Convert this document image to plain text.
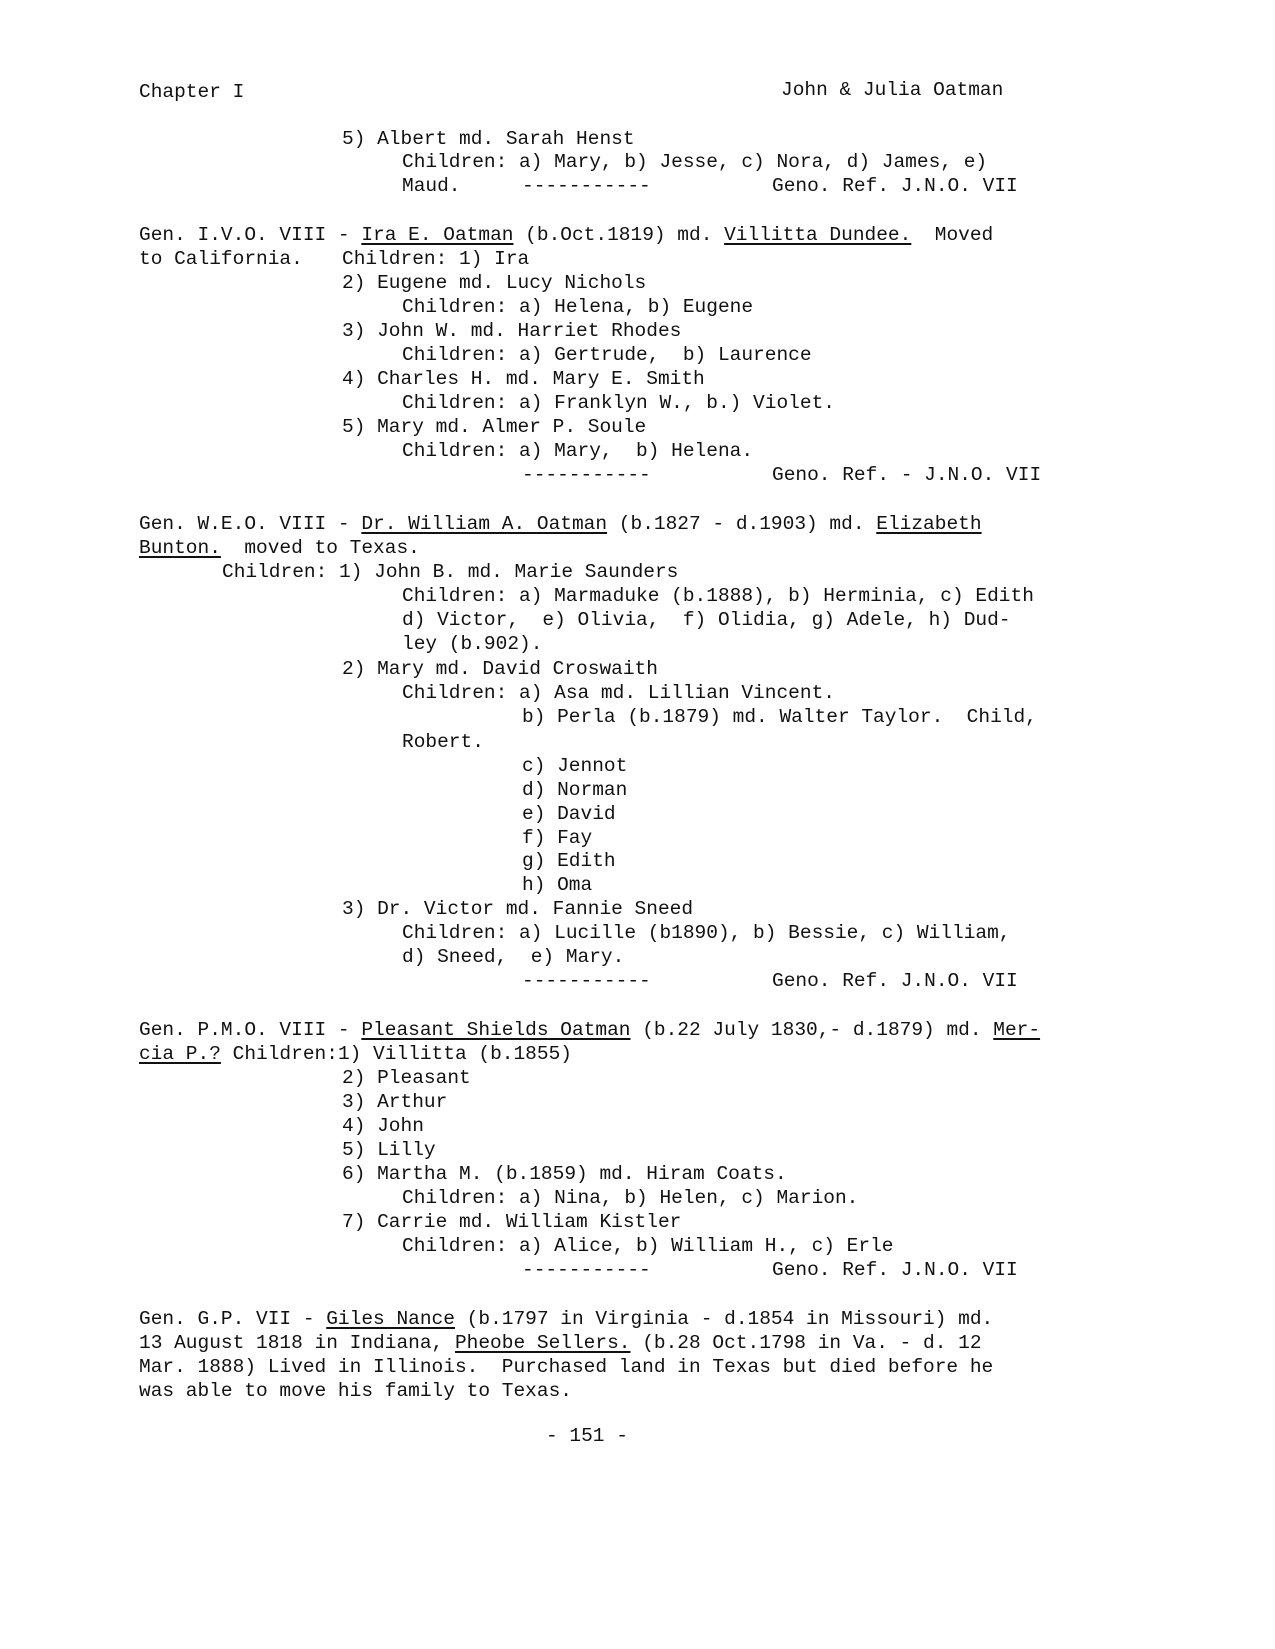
Chapter I	John & Julia Oatman
5) Albert md. Sarah Henst
Children: a) Mary, b) Jesse, c) Nora, d) James, e)
Maud.	-----------	Geno. Ref. J.N.O. VII
Gen. I.V.O. VIII - Ira E. Oatman (b.Oct.1819) md. Villitta Dundee. Moved
to California. Children: 1) Ira
2) Eugene md. Lucy Nichols
Children: a) Helena, b) Eugene
3) John W. md. Harriet Rhodes
Children: a) Gertrude,  b) Laurence
4) Charles H. md. Mary E. Smith
Children: a) Franklyn W., b.) Violet.
5) Mary md. Almer P. Soule
Children: a) Mary,  b) Helena.
-----------	Geno. Ref. - J.N.O. VII
Gen. W.E.O. VIII - Dr. William A. Oatman (b.1827 - d.1903) md. Elizabeth
Bunton. moved to Texas.
Children: 1) John B. md. Marie Saunders
Children: a) Marmaduke (b.1888), b) Herminia, c) Edith
d) Victor,  e) Olivia,  f) Olidia, g) Adele, h) Dud-
ley (b.902).
2) Mary md. David Croswaith
Children: a) Asa md. Lillian Vincent.
b) Perla (b.1879) md. Walter Taylor.  Child,
Robert.
c) Jennot
d) Norman
e) David
f) Fay
g) Edith
h) Oma
3) Dr. Victor md. Fannie Sneed
Children: a) Lucille (b1890), b) Bessie, c) William,
d) Sneed,  e) Mary.
-----------	Geno. Ref. J.N.O. VII
Gen. P.M.O. VIII - Pleasant Shields Oatman (b.22 July 1830,- d.1879) md. Mer-
cia P.? Children:1) Villitta (b.1855)
2) Pleasant
3) Arthur
4) John
5) Lilly
6) Martha M. (b.1859) md. Hiram Coats.
Children: a) Nina, b) Helen, c) Marion.
7) Carrie md. William Kistler
Children: a) Alice, b) William H., c) Erle
-----------	Geno. Ref. J.N.O. VII
Gen. G.P. VII - Giles Nance (b.1797 in Virginia - d.1854 in Missouri) md.
13 August 1818 in Indiana, Pheobe Sellers. (b.28 Oct.1798 in Va. - d. 12
Mar. 1888) Lived in Illinois.  Purchased land in Texas but died before he
was able to move his family to Texas.
- 151 -
